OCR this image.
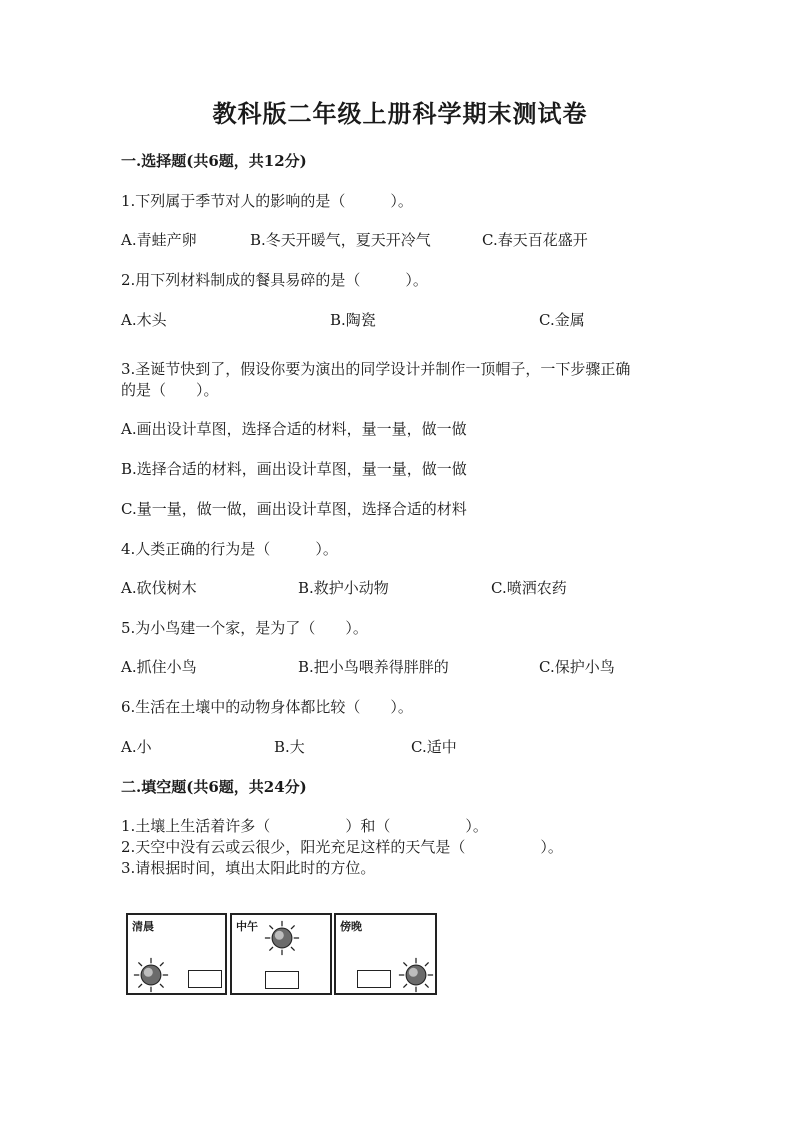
教科版二年级上册科学期末测试卷
一.选择题(共6题，共12分)
1.下列属于季节对人的影响的是（　　　）。
A.青蛙产卵	B.冬天开暖气，夏天开冷气	C.春天百花盛开
2.用下列材料制成的餐具易碎的是（　　　）。
A.木头	B.陶瓷	C.金属
3.圣诞节快到了，假设你要为演出的同学设计并制作一顶帽子，一下步骤正确
的是（　　）。
A.画出设计草图，选择合适的材料，量一量，做一做
B.选择合适的材料，画出设计草图，量一量，做一做
C.量一量，做一做，画出设计草图，选择合适的材料
4.人类正确的行为是（　　　）。
A.砍伐树木	B.救护小动物	C.喷洒农药
5.为小鸟建一个家，是为了（　　）。
A.抓住小鸟	B.把小鸟喂养得胖胖的	C.保护小鸟
6.生活在土壤中的动物身体都比较（　　）。
A.小	B.大	C.适中
二.填空题(共6题，共24分)
1.土壤上生活着许多（　　　　　）和（　　　　　）。
2.天空中没有云或云很少，阳光充足这样的天气是（　　　　　）。
3.请根据时间，填出太阳此时的方位。
清晨	中午	傍晚
